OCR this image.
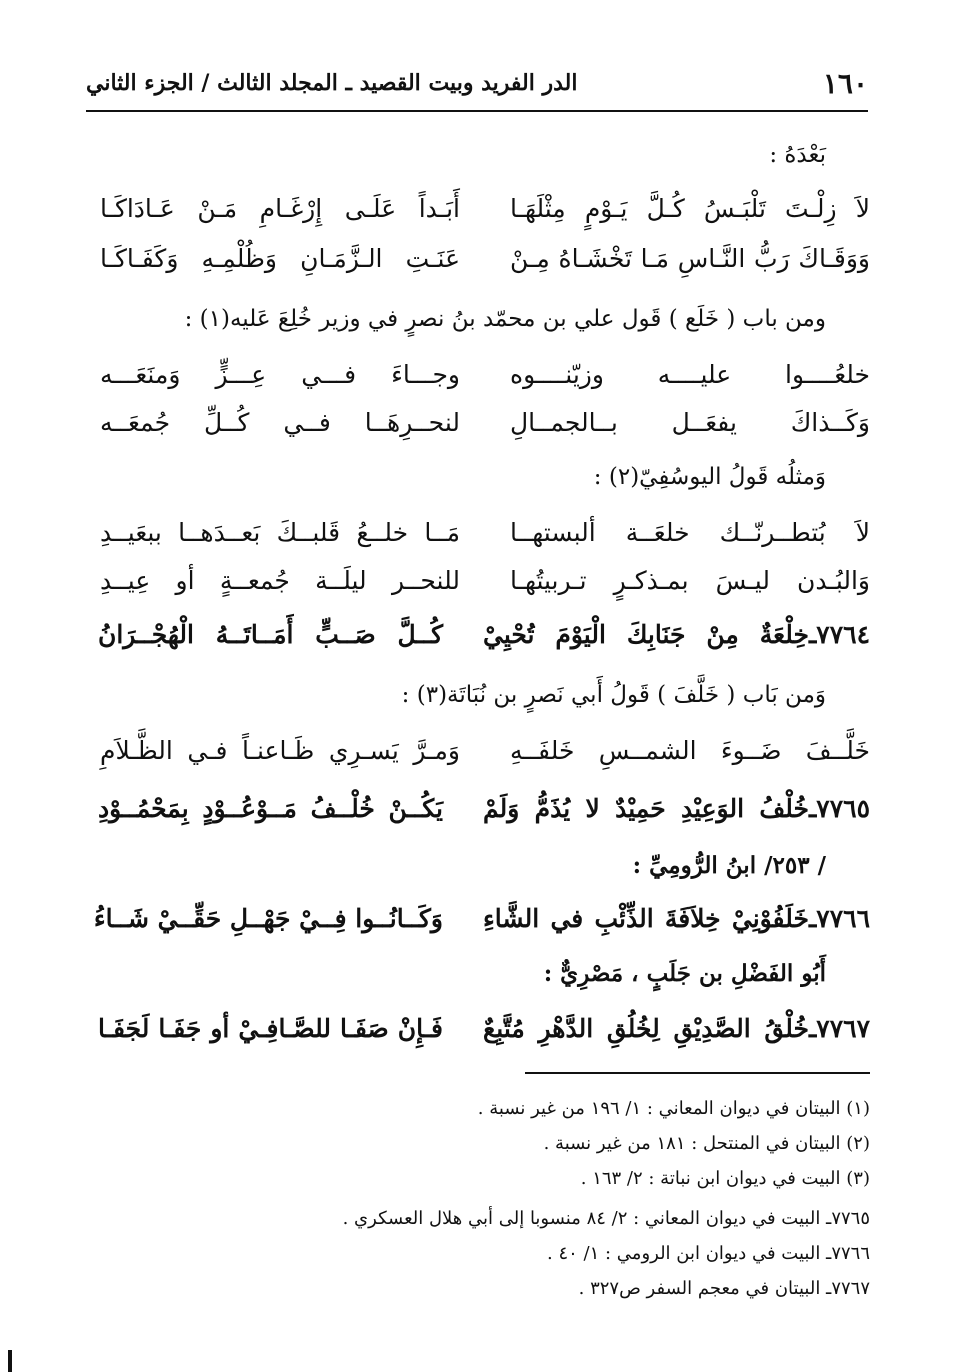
١٦٠
الدر الفريد وبيت القصيد ـ المجلد الثالث / الجزء الثاني
بَعْدَهُ :
لاَ زِلْـتَ تَلْبَـسُ كُـلَّ يَـوْمٍ مِثْلَهَـا
أَبَـداً عَلَـى إِرْغَـامِ مَـنْ عَـادَاكَـا
وَوَقَـاكَ رَبُّ النَّـاسِ مَـا تَخْشَـاهُ مِـنْ
عَنَـتِ الـزَّمَـانِ وَظُلْمِـهِ وَكَفَـاكَـا
ومن باب ( خَلَع ) قَول علي بن محمّد بنُ نصرٍ في وزير خُلِعَ عَليه(١) :
خلعُــــوا عليــــه وزيّنــــوه
وجـــاءَ فـــي عِـــزٍّ وَمنَعَـــه
وَكَــذاكَ يفعَــل بــالجمــالِ
لنحــرِهَــا فــي كُــلِّ جُمعَــه
وَمثلُه قَولُ اليوسُفِيّ(٢) :
لاَ بُتطــرنّــك خلعَــة ألبستهــا
مَــا خلــعُ قَلبــكَ بَعــدَهــا ببعَيــدِ
وَالبُـدن ليـسَ بمـذكـرٍ تـربيتُهـا
للنحــر ليلَــة جُمعــةٍ أو عِيــدِ
٧٧٦٤ـ
خِلْعَةٌ مِنْ جَنَابِكَ الْيَوْمَ تُحْيِيْ
كُــلَّ صَــبٍّ أَمَــاتَــهُ الْهُجْــرَانُ
وَمن بَاب ( خَلَّفَ ) قَولُ أَبي نَصرٍ بن نُبَاتَة(٣) :
خَلَّــفَ ضَــوءَ الشمــسِ خَلفَــهِ
وَمـرَّ يَسـرِي ظَـاعنـاً فـي الظَّـلاَمِ
٧٧٦٥ـ
خُلْفُ الوَعِيْدِ حَمِيْدٌ لا يُذَمُّ وَلَمْ
يَكُــنْ خُلْــفُ مَــوْعُــوْدٍ بِمَحْمُــوْدِ
/ ٢٥٣/ ابنُ الرُّومِيِّ :
٧٧٦٦ـ
خَلَفُوْنِيْ خِلاَفَةَ الذِّئْبِ في الشَّاءِ
وَكَــانُــوا فِــيْ جَهْــلِ حَقِّــيْ شَــاءُ
أَبُو الفَضْلِ بن جَلَبٍ ، مَصْرِيٌّ :
٧٧٦٧ـ
خُلْقُ الصَّدِيْقِ لِخُلُقِ الدَّهْرِ مُتَّبِعٌ
فَـإِنْ صَفَـا للصَّـافِـيْ أو جَفَـا لَجَفَـا
(١) البيتان في ديوان المعاني : ١/ ١٩٦ من غير نسبة .
(٢) البيتان في المنتحل : ١٨١ من غير نسبة .
(٣) البيت في ديوان ابن نباتة : ٢/ ١٦٣ .
٧٧٦٥ـ البيت في ديوان المعاني : ٢/ ٨٤ منسوبا إلى أبي هلال العسكري .
٧٧٦٦ـ البيت في ديوان ابن الرومي : ١/ ٤٠ .
٧٧٦٧ـ البيتان في معجم السفر ص٣٢٧ .
